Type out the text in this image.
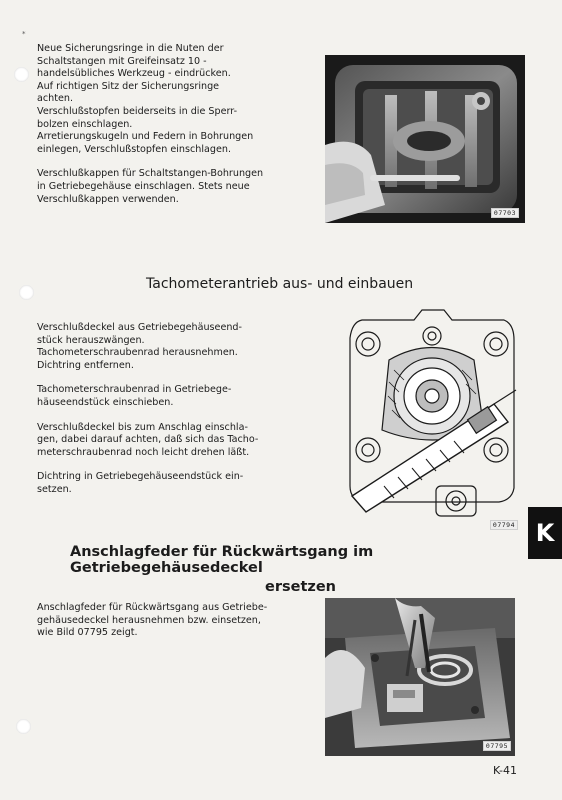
*

Neue Sicherungsringe in die Nuten der
Schaltstangen mit Greifeinsatz 10 -
handelsübliches Werkzeug - eindrücken.
Auf richtigen Sitz der Sicherungsringe
achten.
Verschlußstopfen beiderseits in die Sperr-
bolzen einschlagen.
Arretierungskugeln und Federn in Bohrungen
einlegen, Verschlußstopfen einschlagen.

Verschlußkappen für Schaltstangen-Bohrungen
in Getriebegehäuse einschlagen. Stets neue
Verschlußkappen verwenden.

07703
Tachometerantrieb aus- und einbauen

Verschlußdeckel aus Getriebegehäuseend-
stück herauszwängen.
Tachometerschraubenrad herausnehmen.
Dichtring entfernen.

Tachometerschraubenrad in Getriebege-
häuseendstück einschieben.

Verschlußdeckel bis zum Anschlag einschla-
gen, dabei darauf achten, daß sich das Tacho-
meterschraubenrad noch leicht drehen läßt.

Dichtring in Getriebegehäuseendstück ein-
setzen.

07794 K
Anschlagfeder für Rückwärtsgang im Getriebegehäusedeckel
ersetzen

Anschlagfeder für Rückwärtsgang aus Getriebe-
gehäusedeckel herausnehmen bzw. einsetzen,
wie Bild 07795 zeigt.

07795
K-41
